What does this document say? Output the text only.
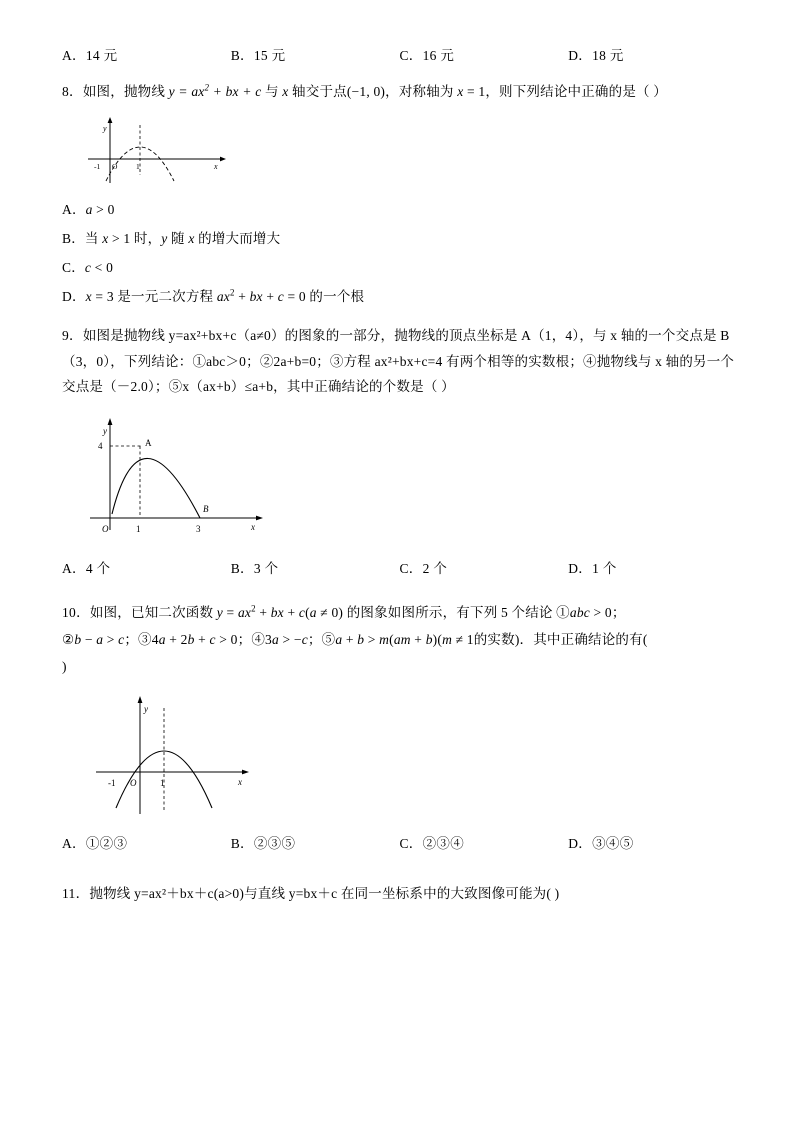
A．14 元	B．15 元	C．16 元	D．18 元
8．如图，抛物线 $y = ax^2$ + bx + c 与 x 轴交于点(−1, 0)，对称轴为 x = 1，则下列结论中正确的是（ ）
y
x
-1 O 1
A．a > 0
B．当 x > 1 时，y 随 x 的增大而增大
C．c < 0
D．x = 3 是一元二次方程 $ax^2$ + bx + c = 0 的一个根
9．如图是抛物线 y=ax²+bx+c（a≠0）的图象的一部分，抛物线的顶点坐标是 A（1，4），与 x 轴的一个交点是 B（3，0），下列结论：①abc＞0；②2a+b=0；③方程 ax²+bx+c=4 有两个相等的实数根；④抛物线与 x 轴的另一个交点是（－2.0）；⑤x（ax+b）≤a+b，其中正确结论的个数是（ ）
y
x
4	A
B
O	1	3
A．4 个	B．3 个	C．2 个	D．1 个
10．如图，已知二次函数 $y = ax^2$ + bx + c(a ≠ 0) 的图象如图所示，有下列 5 个结论 ①abc > 0；
②b − a > c；③4a + 2b + c > 0；④3a > −c；⑤a + b > m(am + b)(m ≠ 1的实数)．其中正确结论的有(
)
y
x
-1 O	1
A．①②③	B．②③⑤	C．②③④	D．③④⑤
11．抛物线 y=ax²＋bx＋c(a>0)与直线 y=bx＋c 在同一坐标系中的大致图像可能为( )
